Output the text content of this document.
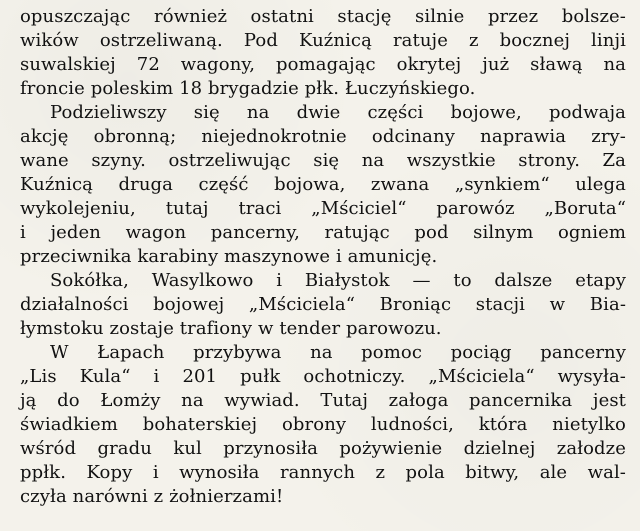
opuszczając również ostatni stację silnie przez bolsze-
wików ostrzeliwaną. Pod Kuźnicą ratuje z bocznej linji
suwalskiej 72 wagony, pomagając okrytej już sławą na
froncie poleskim 18 brygadzie płk. Łuczyńskiego.
Podzieliwszy się na dwie części bojowe, podwaja
akcję obronną; niejednokrotnie odcinany naprawia zry-
wane szyny. ostrzeliwując się na wszystkie strony. Za
Kuźnicą druga część bojowa, zwana „synkiem“ ulega
wykolejeniu, tutaj traci „Mściciel“ parowóz „Boruta“
i jeden wagon pancerny, ratując pod silnym ogniem
przeciwnika karabiny maszynowe i amunicję.
Sokółka, Wasylkowo i Białystok — to dalsze etapy
działalności bojowej „Mściciela“ Broniąc stacji w Bia-
łymstoku zostaje trafiony w tender parowozu.
W Łapach przybywa na pomoc pociąg pancerny
„Lis Kula“ i 201 pułk ochotniczy. „Mściciela“ wysyła-
ją do Łomży na wywiad. Tutaj załoga pancernika jest
świadkiem bohaterskiej obrony ludności, która nietylko
wśród gradu kul przynosiła pożywienie dzielnej załodze
ppłk. Kopy i wynosiła rannych z pola bitwy, ale wal-
czyła narówni z żołnierzami!
